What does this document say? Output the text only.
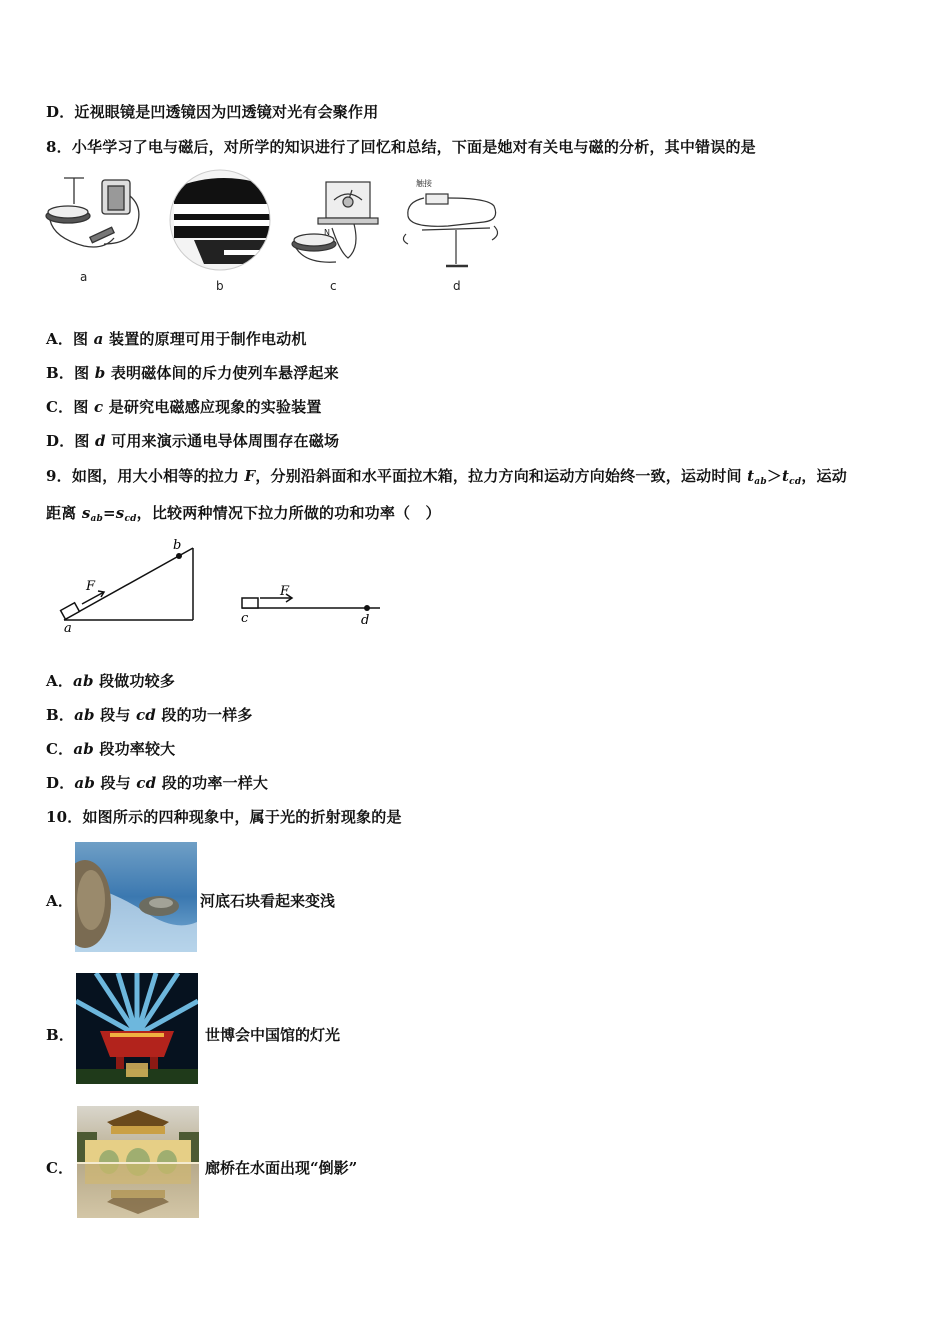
D．近视眼镜是凹透镜因为凹透镜对光有会聚作用
8．小华学习了电与磁后，对所学的知识进行了回忆和总结，下面是她对有关电与磁的分析，其中错误的是
N
触接
a
b	c	d
A．图 a 装置的原理可用于制作电动机
B．图 b 表明磁体间的斥力使列车悬浮起来
C．图 c 是研究电磁感应现象的实验装置
D．图 d 可用来演示通电导体周围存在磁场
9．如图，用大小相等的拉力 F，分别沿斜面和水平面拉木箱，拉力方向和运动方向始终一致，运动时间 $t_{ab}>t_{cd}$，运动
距离 $s_{ab}=s_{cd}$，比较两种情况下拉力所做的功和功率（　）
F	F
a
b
c	d
A．ab 段做功较多
B．ab 段与 cd 段的功一样多
C．ab 段功率较大
D．ab 段与 cd 段的功率一样大
10．如图所示的四种现象中，属于光的折射现象的是
A．	河底石块看起来变浅
B．	世博会中国馆的灯光
C．	廊桥在水面出现“倒影”
